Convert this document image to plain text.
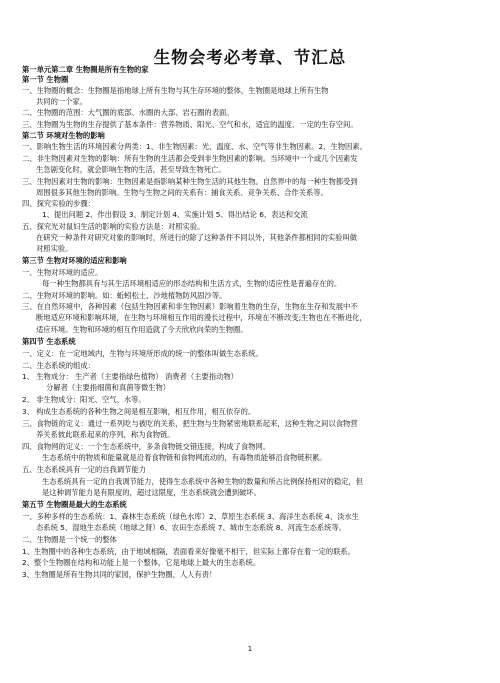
生物会考必考章、节汇总
第一单元第二章 生物圈是所有生物的家
第一节 生物圈
一、生物圈的概念：生物圈是指地球上所有生物与其生存环境的整体，生物圈是地球上所有生物
共同的一个家。
二、生物圈的范围：大气圈的底部、水圈的大部、岩石圈的表面。
三、生物圈为生物的生存提供了基本条件：营养物质、阳光、空气和水，适宜的温度、一定的生存空间。
第二节 环境对生物的影响
一、影响生物生活的环境因素分两类：1、非生物因素：光、温度、水、空气等非生物因素。2、生物因素。
二、非生物因素对生物的影响：所有生物的生活都会受到非生物因素的影响。当环境中一个或几个因素发
生急剧变化时，就会影响生物的生活，甚至导致生物死亡。
三、生物因素对生物的影响：生物因素是指影响某种生物生活的其他生物。自然界中的每一种生物都受到
周围很多其他生物的影响。生物与生物之间的关系有：捕食关系、竞争关系、合作关系等。
四、探究实验的步骤：
1、提出问题 2、作出假设 3、制定计划 4、实施计划 5、得出结论 6、表达和交流
五、探究光对鼠妇生活的影响的实验方法是：对照实验。
在研究一种条件对研究对象的影响时，所进行的除了这种条件不同以外，其他条件都相同的实验叫做
对照实验。
第三节 生物对环境的适应和影响
一、生物对环境的适应。
每一种生物都具有与其生活环境相适应的形态结构和生活方式，生物的适应性是普遍存在的。
二、生物对环境的影响。如：蚯蚓松土、沙地植物防风固沙等。
三、在自然环境中，各种因素（包括生物因素和非生物因素）影响着生物的生存，生物在生存和发展中不
断地适应环境和影响环境，在生物与环境相互作用的漫长过程中，环境在不断改变;生物也在不断进化，
适应环境。生物和环境的相互作用造就了今天欣欣向荣的生物圈。
第四节 生态系统
一、定义：在一定地域内，生物与环境所形成的统一的整体叫做生态系统。
二、生态系统的组成：
1、 生物成分： 生产者（主要指绿色植物） 消费者（主要指动物）
分解者（主要指细菌和真菌等微生物）
2、 非生物成分：阳光、空气、水等。
3、 构成生态系统的各种生物之间是相互影响，相互作用，相互依存的。
三、食物链的定义：通过一系列吃与被吃的关系，把生物与生物紧密地联系起来，这种生物之间以食物营
养关系彼此联系起来的序列，称为食物链。
四、食物网的定义：一个生态系统中，多条食物链交错连接，构成了食物网。
生态系统中的物质和能量就是沿着食物链和食物网流动的，有毒物质能够沿食物链积累。
五、生态系统具有一定的自我调节能力
生态系统具有一定的自我调节能力，使得生态系统中各种生物的数量和所占比例保持相对的稳定，但
是这种调节能力是有限度的，超过这限度，生态系统就会遭到破坏。
第五节 生物圈是最大的生态系统
一、多种多样的生态系统：1、森林生态系统（绿色水库）2、草原生态系统 3、海洋生态系统 4、淡水生
态系统 5、湿地生态系统（地球之肾）6、农田生态系统 7、城市生态系统 8、河流生态系统等。
二、生物圈是一个统一的整体
1、生物圈中的各种生态系统，由于地域相隔，表面看来好像毫不相干，但实际上都存在着一定的联系。
2、整个生物圈在结构和功能上是一个整体，它是地球上最大的生态系统。
3、生物圈是所有生物共同的家园，保护生物圈，人人有责！
1
